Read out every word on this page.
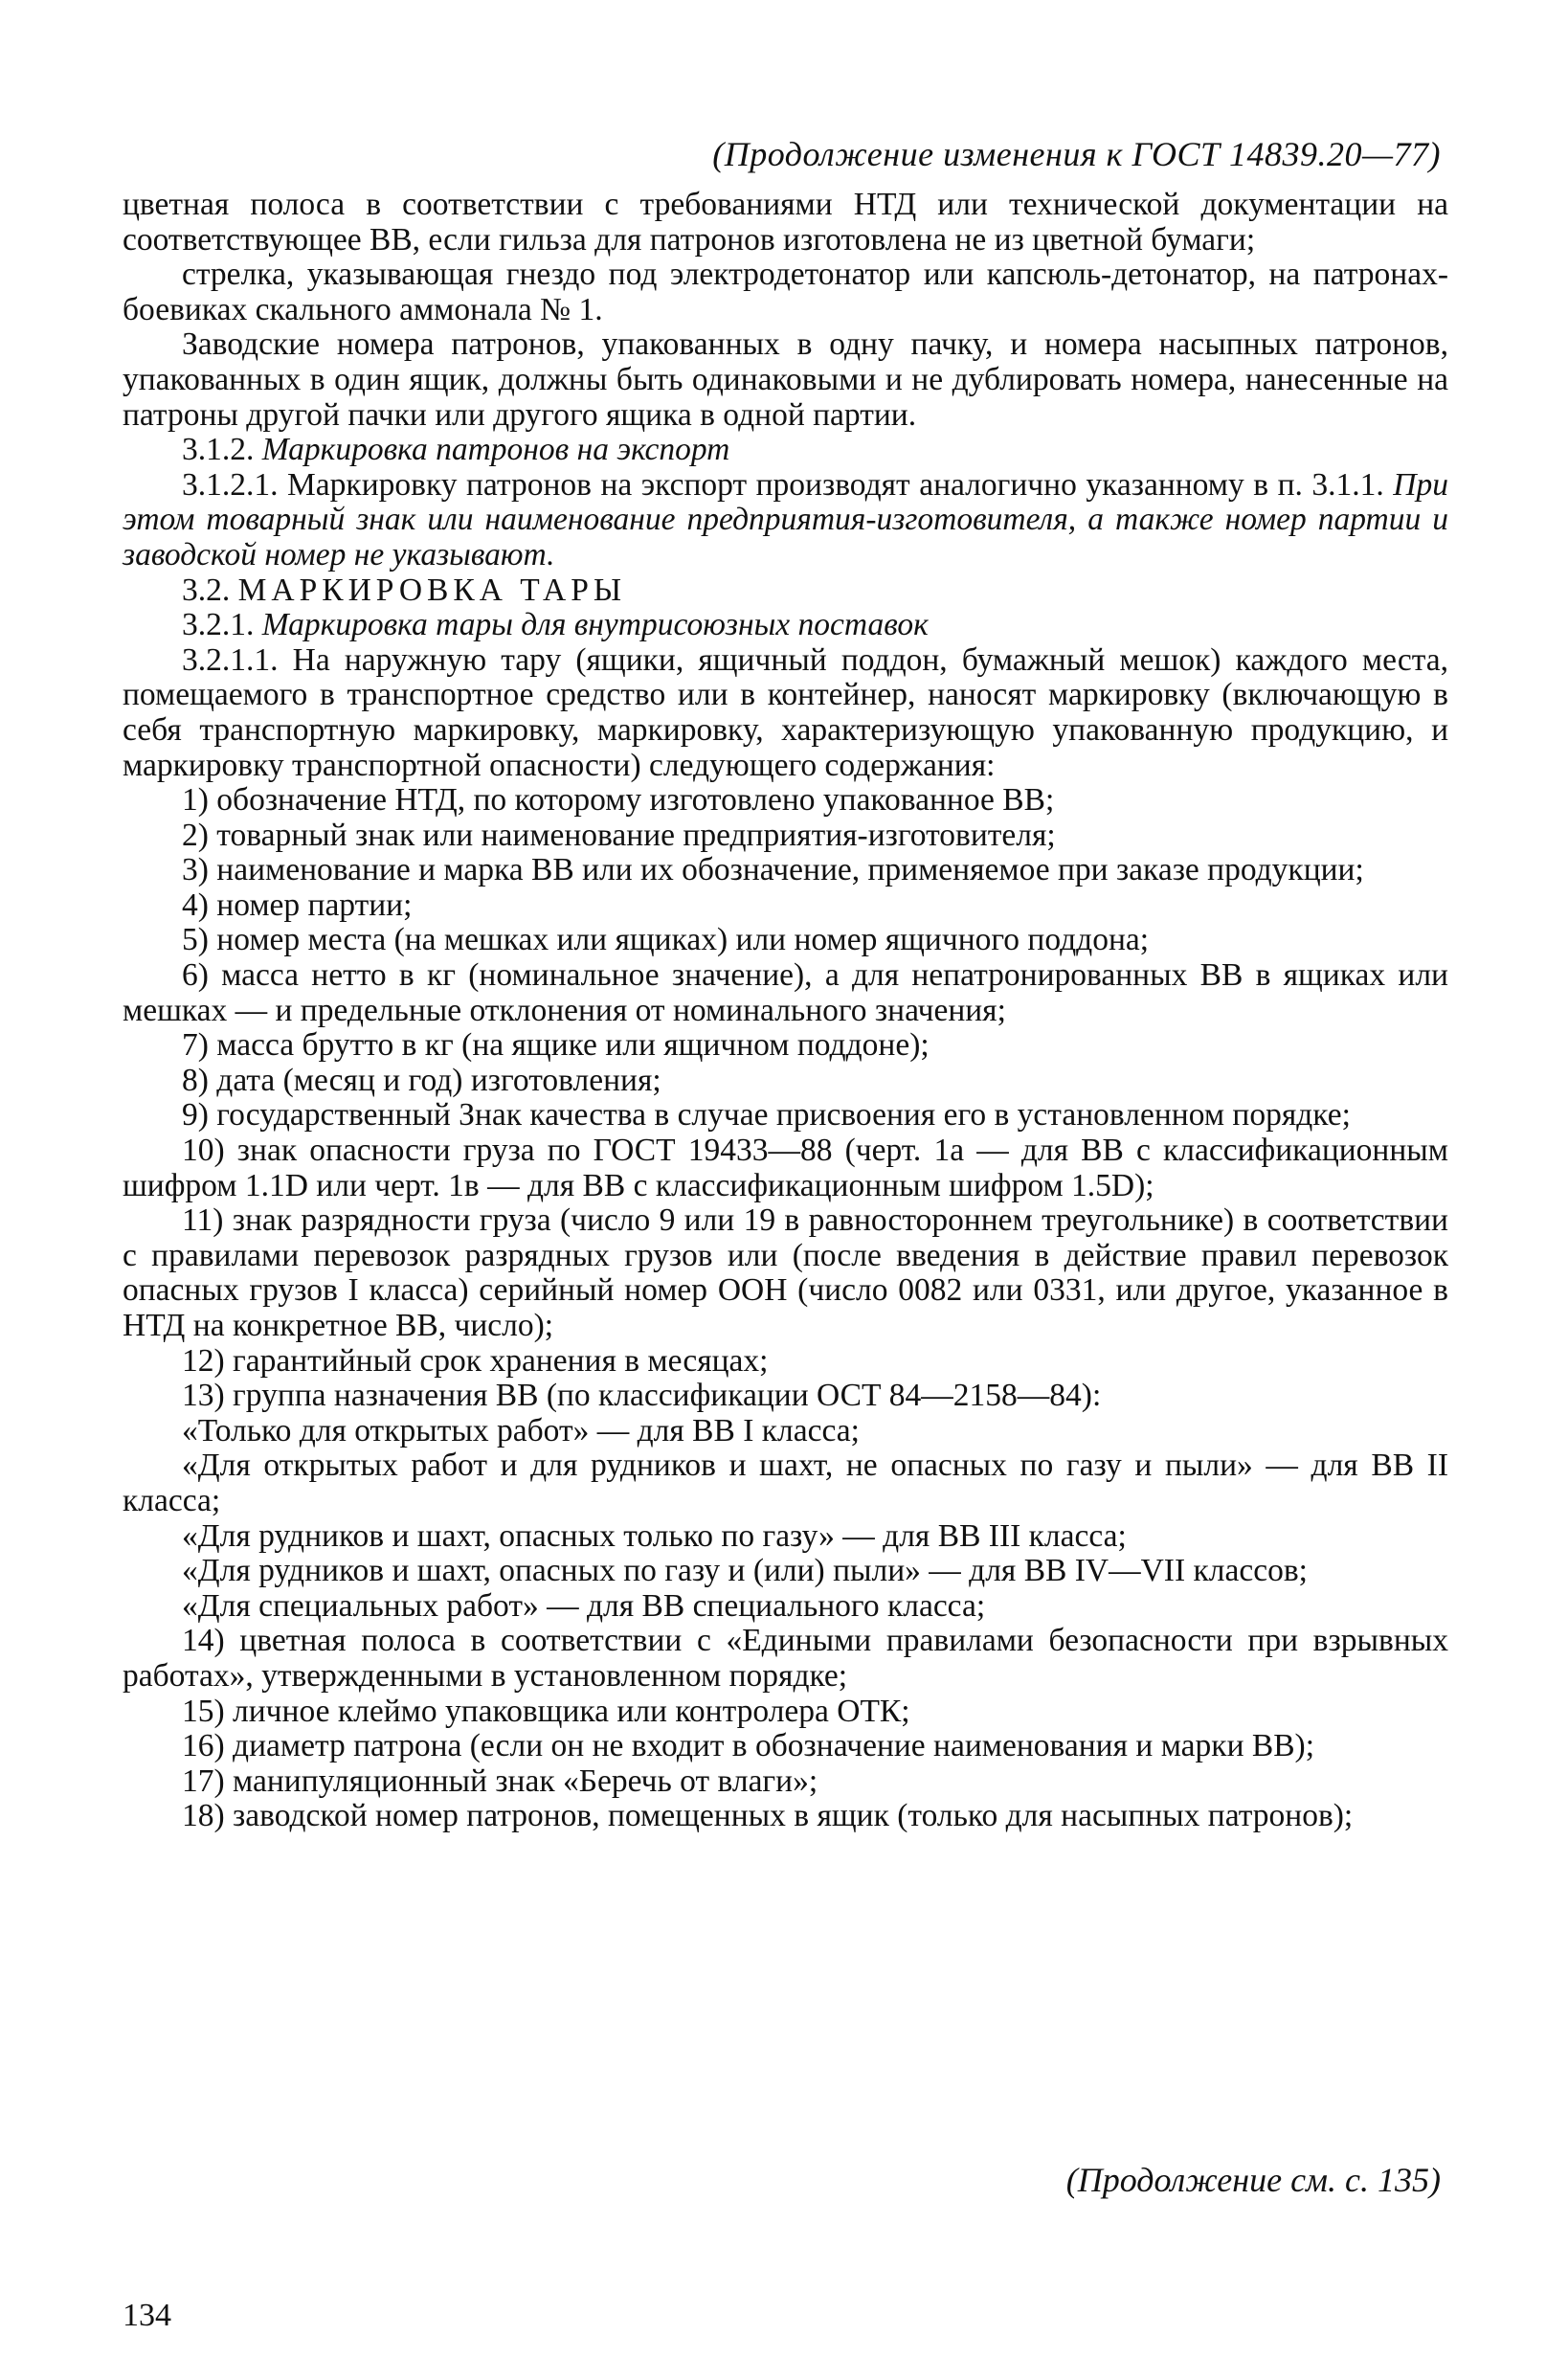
(Продолжение изменения к ГОСТ 14839.20—77)

цветная полоса в соответствии с требованиями НТД или технической документации на соответствующее ВВ, если гильза для патронов изготовлена не из цветной бумаги;

стрелка, указывающая гнездо под электродетонатор или капсюль-детонатор, на патронах-боевиках скального аммонала № 1.

Заводские номера патронов, упакованных в одну пачку, и номера насыпных патронов, упакованных в один ящик, должны быть одинаковыми и не дублировать номера, нанесенные на патроны другой пачки или другого ящика в одной партии.

3.1.2. Маркировка патронов на экспорт

3.1.2.1. Маркировку патронов на экспорт производят аналогично указанному в п. 3.1.1. При этом товарный знак или наименование предприятия-изготовителя, а также номер партии и заводской номер не указывают.

3.2. МАРКИРОВКА ТАРЫ

3.2.1. Маркировка тары для внутрисоюзных поставок

3.2.1.1. На наружную тару (ящики, ящичный поддон, бумажный мешок) каждого места, помещаемого в транспортное средство или в контейнер, наносят маркировку (включающую в себя транспортную маркировку, маркировку, характеризующую упакованную продукцию, и маркировку транспортной опасности) следующего содержания:

1) обозначение НТД, по которому изготовлено упакованное ВВ;

2) товарный знак или наименование предприятия-изготовителя;

3) наименование и марка ВВ или их обозначение, применяемое при заказе продукции;

4) номер партии;

5) номер места (на мешках или ящиках) или номер ящичного поддона;

6) масса нетто в кг (номинальное значение), а для непатронированных ВВ в ящиках или мешках — и предельные отклонения от номинального значения;

7) масса брутто в кг (на ящике или ящичном поддоне);

8) дата (месяц и год) изготовления;

9) государственный Знак качества в случае присвоения его в установленном порядке;

10) знак опасности груза по ГОСТ 19433—88 (черт. 1а — для ВВ с классификационным шифром 1.1D или черт. 1в — для ВВ с классификационным шифром 1.5D);

11) знак разрядности груза (число 9 или 19 в равностороннем треугольнике) в соответствии с правилами перевозок разрядных грузов или (после введения в действие правил перевозок опасных грузов I класса) серийный номер ООН (число 0082 или 0331, или другое, указанное в НТД на конкретное ВВ, число);

12) гарантийный срок хранения в месяцах;

13) группа назначения ВВ (по классификации ОСТ 84—2158—84):

«Только для открытых работ» — для ВВ I класса;

«Для открытых работ и для рудников и шахт, не опасных по газу и пыли» — для ВВ II класса;

«Для рудников и шахт, опасных только по газу» — для ВВ III класса;

«Для рудников и шахт, опасных по газу и (или) пыли» — для ВВ IV—VII классов;

«Для специальных работ» — для ВВ специального класса;

14) цветная полоса в соответствии с «Едиными правилами безопасности при взрывных работах», утвержденными в установленном порядке;

15) личное клеймо упаковщика или контролера ОТК;

16) диаметр патрона (если он не входит в обозначение наименования и марки ВВ);

17) манипуляционный знак «Беречь от влаги»;

18) заводской номер патронов, помещенных в ящик (только для насыпных патронов);

(Продолжение см. с. 135)
134
